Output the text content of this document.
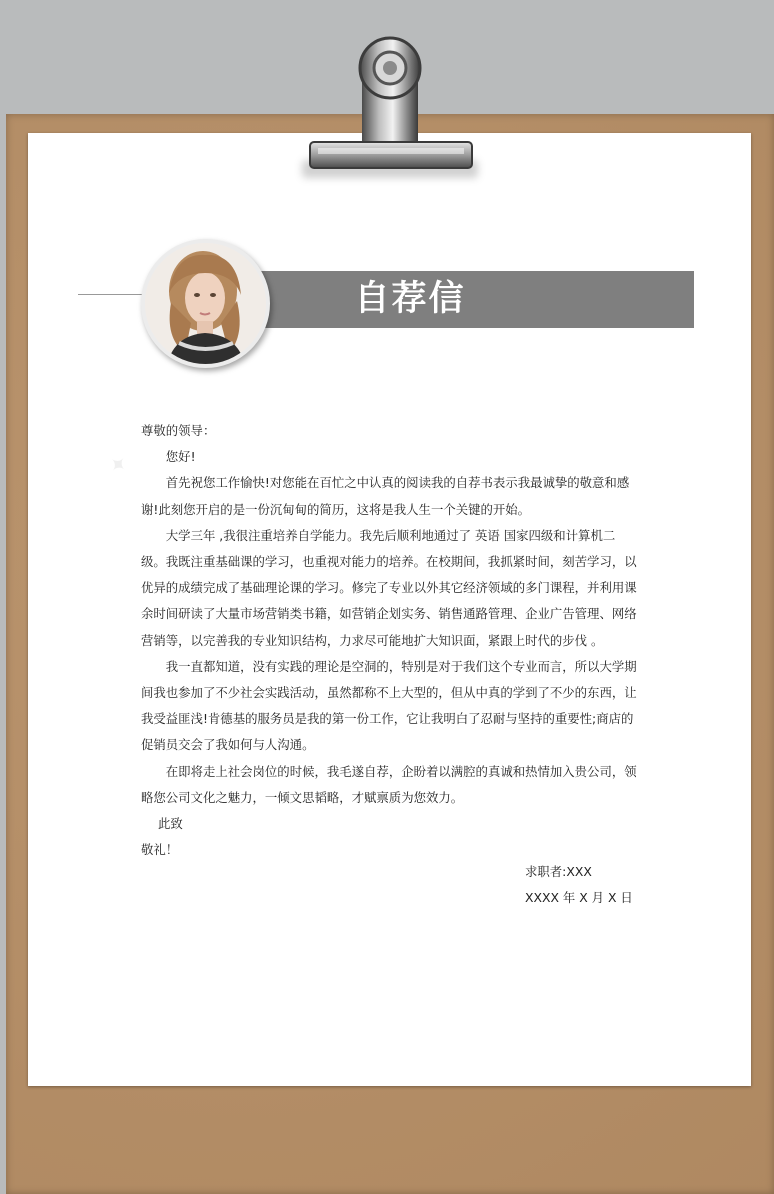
✦
自荐信

尊敬的领导：

您好!

首先祝您工作愉快!对您能在百忙之中认真的阅读我的自荐书表示我最诚挚的敬意和感谢!此刻您开启的是一份沉甸甸的简历，这将是我人生一个关键的开始。

大学三年 ,我很注重培养自学能力。我先后顺利地通过了 英语 国家四级和计算机二级。我既注重基础课的学习，也重视对能力的培养。在校期间，我抓紧时间，刻苦学习，以优异的成绩完成了基础理论课的学习。修完了专业以外其它经济领域的多门课程，并利用课余时间研读了大量市场营销类书籍，如营销企划实务、销售通路管理、企业广告管理、网络营销等，以完善我的专业知识结构，力求尽可能地扩大知识面，紧跟上时代的步伐 。

我一直都知道，没有实践的理论是空洞的，特别是对于我们这个专业而言，所以大学期间我也参加了不少社会实践活动，虽然都称不上大型的，但从中真的学到了不少的东西，让我受益匪浅!肯德基的服务员是我的第一份工作，它让我明白了忍耐与坚持的重要性;商店的促销员交会了我如何与人沟通。

在即将走上社会岗位的时候，我毛遂自荐，企盼着以满腔的真诚和热情加入贵公司，领略您公司文化之魅力，一倾文思韬略，才赋禀质为您效力。

此致

敬礼！

求职者:XXX
XXXX 年 X 月 X 日
